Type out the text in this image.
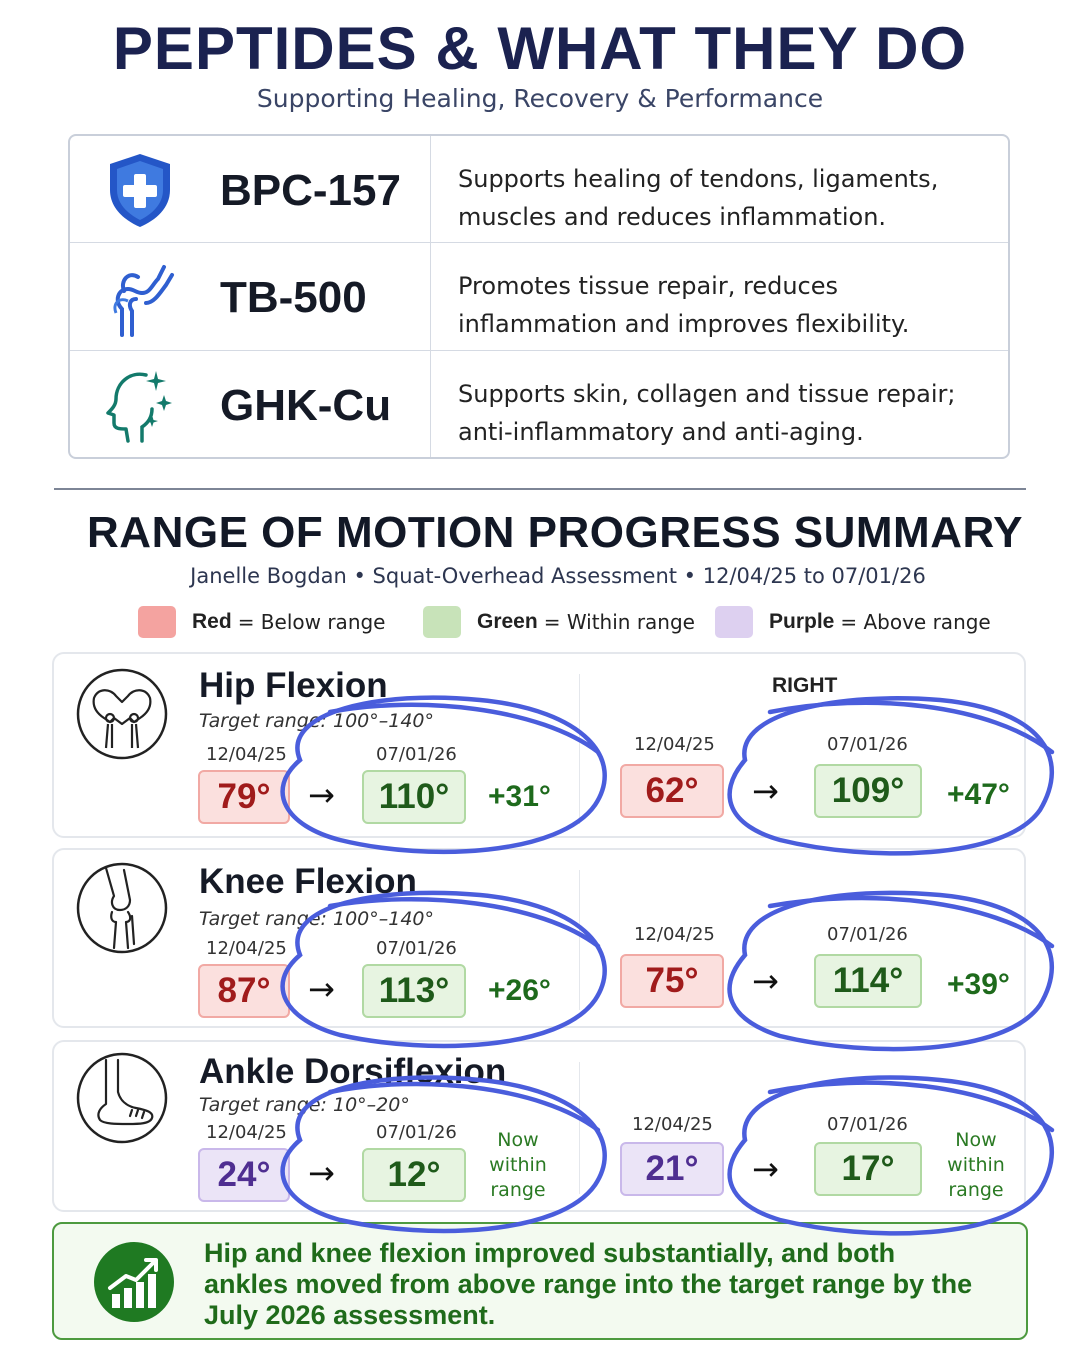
PEPTIDES & WHAT THEY DO
Supporting Healing, Recovery & Performance
BPC-157 Supports healing of tendons, ligaments, muscles and reduces inflammation.
TB-500	Promotes tissue repair, reduces inflammation and improves flexibility.
GHK-Cu	Supports skin, collagen and tissue repair; anti-inflammatory and anti-aging.
RANGE OF MOTION PROGRESS SUMMARY
Janelle Bogdan • Squat-Overhead Assessment • 12/04/25 to 07/01/26
Red = Below range	Green = Within range	Purple = Above range
Hip Flexion
Target range: 100°–140°
RIGHT
12/04/25
79°	→
07/01/26
110°	+31°
12/04/25
62°	→
07/01/26
109°	+47°
Knee Flexion
Target range: 100°–140°
12/04/25
87°	→
07/01/26
113°	+26°
12/04/25
75°	→
07/01/26
114°	+39°
Ankle Dorsiflexion
Target range: 10°–20°
12/04/25
24°	→
07/01/26
12°
Now within range
12/04/25
21°	→
07/01/26
17°
Now within range
Hip and knee flexion improved substantially, and both ankles moved from above range into the target range by the July 2026 assessment.
